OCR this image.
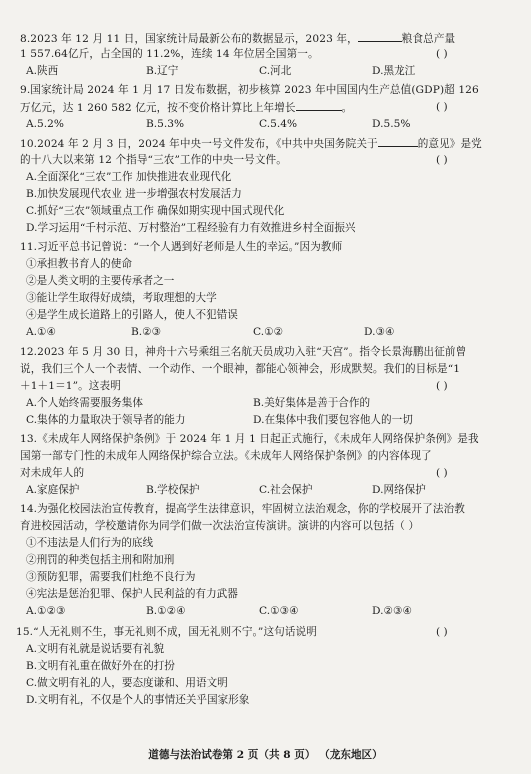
8.2023 年 12 月 11 日，国家统计局最新公布的数据显示，2023 年，	粮食总产量
1 557.64亿斤，占全国的 11.2%，连续 14 年位居全国第一。	( )
A.陕西	B.辽宁	C.河北	D.黑龙江
9.国家统计局 2024 年 1 月 17 日发布数据，初步核算 2023 年中国国内生产总值(GDP)超 126
万亿元，达 1 260 582 亿元，按不变价格计算比上年增长	。	( )
A.5.2%	B.5.3%	C.5.4%	D.5.5%
10.2024 年 2 月 3 日，2024 年中央一号文件发布，《中共中央国务院关于	的意见》是党
的十八大以来第 12 个指导“三农”工作的中央一号文件。	( )
A.全面深化“三农”工作 加快推进农业现代化
B.加快发展现代农业 进一步增强农村发展活力
C.抓好“三农”领域重点工作 确保如期实现中国式现代化
D.学习运用“千村示范、万村整治”工程经验有力有效推进乡村全面振兴
11.习近平总书记曾说：“一个人遇到好老师是人生的幸运。”因为教师
①承担教书育人的使命
②是人类文明的主要传承者之一
③能让学生取得好成绩，考取理想的大学
④是学生成长道路上的引路人，使人不犯错误
A.①④	B.②③	C.①②	D.③④
12.2023 年 5 月 30 日，神舟十六号乘组三名航天员成功入驻“天宫”。指令长景海鹏出征前曾
说，我们三个人一个表情、一个动作、一个眼神，都能心领神会，形成默契。我们的目标是“1
＋1＋1＝1”。这表明	( )
A.个人始终需要服务集体	B.美好集体是善于合作的
C.集体的力量取决于领导者的能力	D.在集体中我们要包容他人的一切
13.《未成年人网络保护条例》于 2024 年 1 月 1 日起正式施行，《未成年人网络保护条例》是我
国第一部专门性的未成年人网络保护综合立法。《未成年人网络保护条例》的内容体现了
对未成年人的	( )
A.家庭保护	B.学校保护	C.社会保护	D.网络保护
14.为强化校园法治宣传教育，提高学生法律意识，牢固树立法治观念，你的学校展开了法治教
育进校园活动，学校邀请你为同学们做一次法治宣传演讲。演讲的内容可以包括（ ）
①不违法是人们行为的底线
②刑罚的种类包括主刑和附加刑
③预防犯罪，需要我们杜绝不良行为
④宪法是惩治犯罪、保护人民利益的有力武器
A.①②③	B.①②④	C.①③④	D.②③④
15.“人无礼则不生，事无礼则不成，国无礼则不宁。”这句话说明	( )
A.文明有礼就是说话要有礼貌
B.文明有礼重在做好外在的打扮
C.做文明有礼的人，要态度谦和、用语文明
D.文明有礼，不仅是个人的事情还关乎国家形象
道德与法治试卷第 2 页（共 8 页） （龙东地区）
